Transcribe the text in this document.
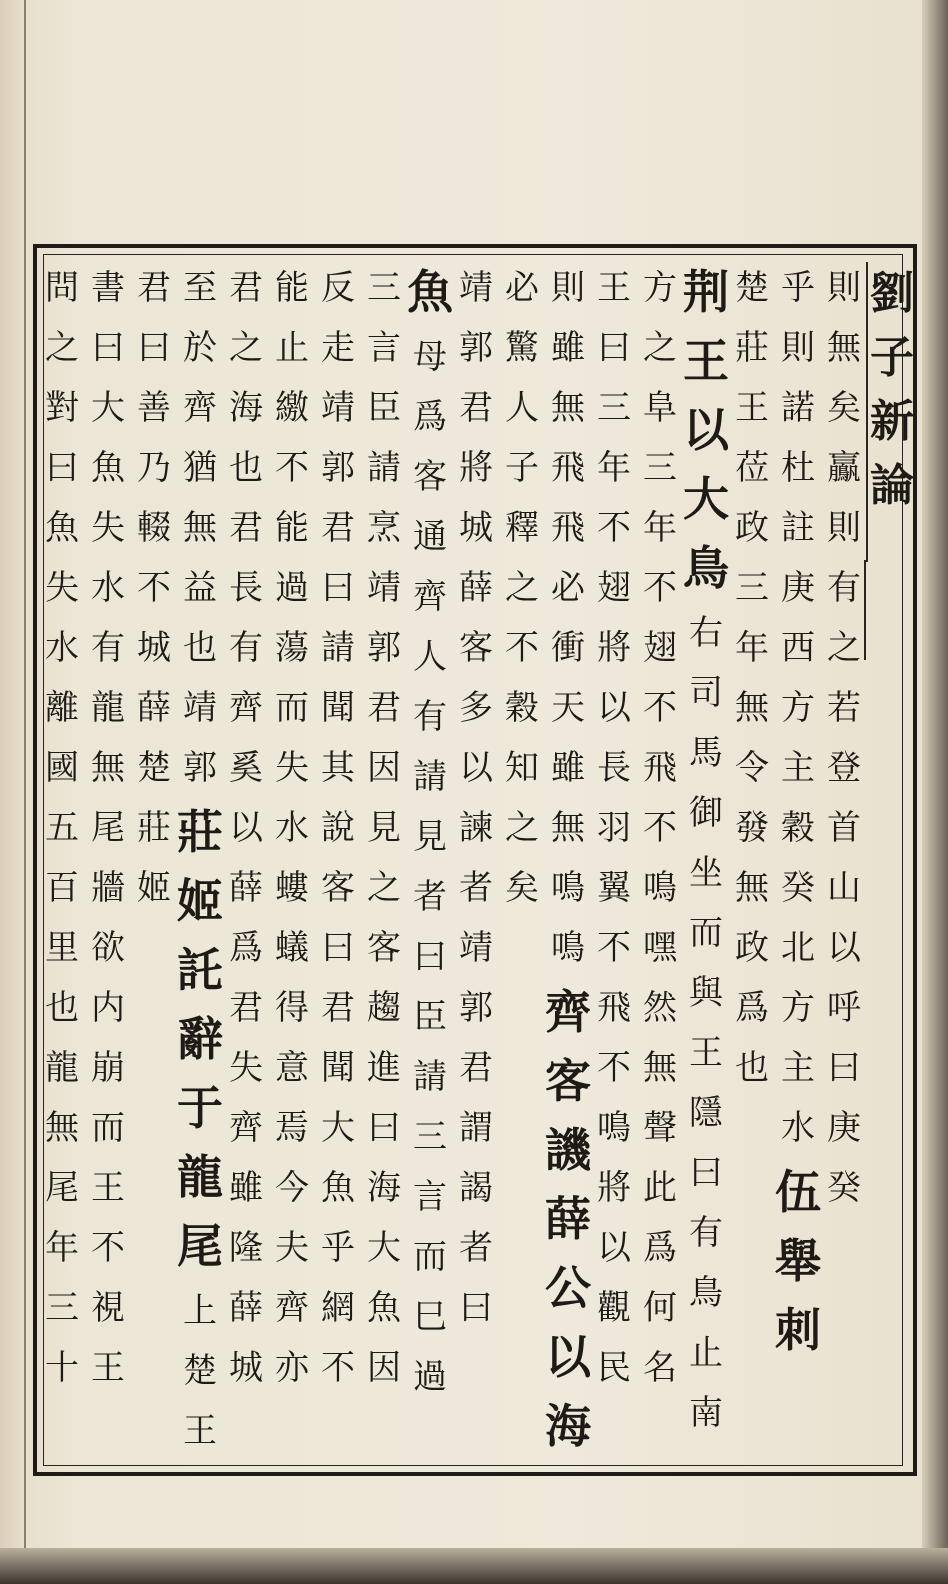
劉
子
新
論
則
無
矣
鸁
則
有
之
若
登
首
山
以
呼
曰
庚
癸
乎
則
諾
杜
註
庚
西
方
主
穀
癸
北
方
主
水
伍
舉
刺
楚
莊
王
莅
政
三
年
無
令
發
無
政
爲
也
荆
王
以
大
鳥
右
司
馬
御
坐
而
與
王
隱
曰
有
鳥
止
南
方
之
阜
三
年
不
翅
不
飛
不
鳴
嘿
然
無
聲
此
爲
何
名
王
曰
三
年
不
翅
將
以
長
羽
翼
不
飛
不
鳴
將
以
觀
民
則
雖
無
飛
飛
必
衝
天
雖
無
鳴
鳴
齊
客
譏
薛
公
以
海
必
驚
人
子
釋
之
不
穀
知
之
矣
靖
郭
君
將
城
薛
客
多
以
諫
者
靖
郭
君
謂
謁
者
曰
魚
母
爲
客
通
齊
人
有
請
見
者
曰
臣
請
三
言
而
巳
過
三
言
臣
請
烹
靖
郭
君
因
見
之
客
趨
進
曰
海
大
魚
因
反
走
靖
郭
君
曰
請
聞
其
說
客
曰
君
聞
大
魚
乎
網
不
能
止
繳
不
能
過
蕩
而
失
水
螻
蟻
得
意
焉
今
夫
齊
亦
君
之
海
也
君
長
有
齊
奚
以
薛
爲
君
失
齊
雖
隆
薛
城
至
於
齊
猶
無
益
也
靖
郭
莊
姬
託
辭
于
龍
尾
上
楚
王
君
曰
善
乃
輟
不
城
薛
楚
莊
姬
書
曰
大
魚
失
水
有
龍
無
尾
牆
欲
内
崩
而
王
不
視
王
問
之
對
曰
魚
失
水
離
國
五
百
里
也
龍
無
尾
年
三
十
